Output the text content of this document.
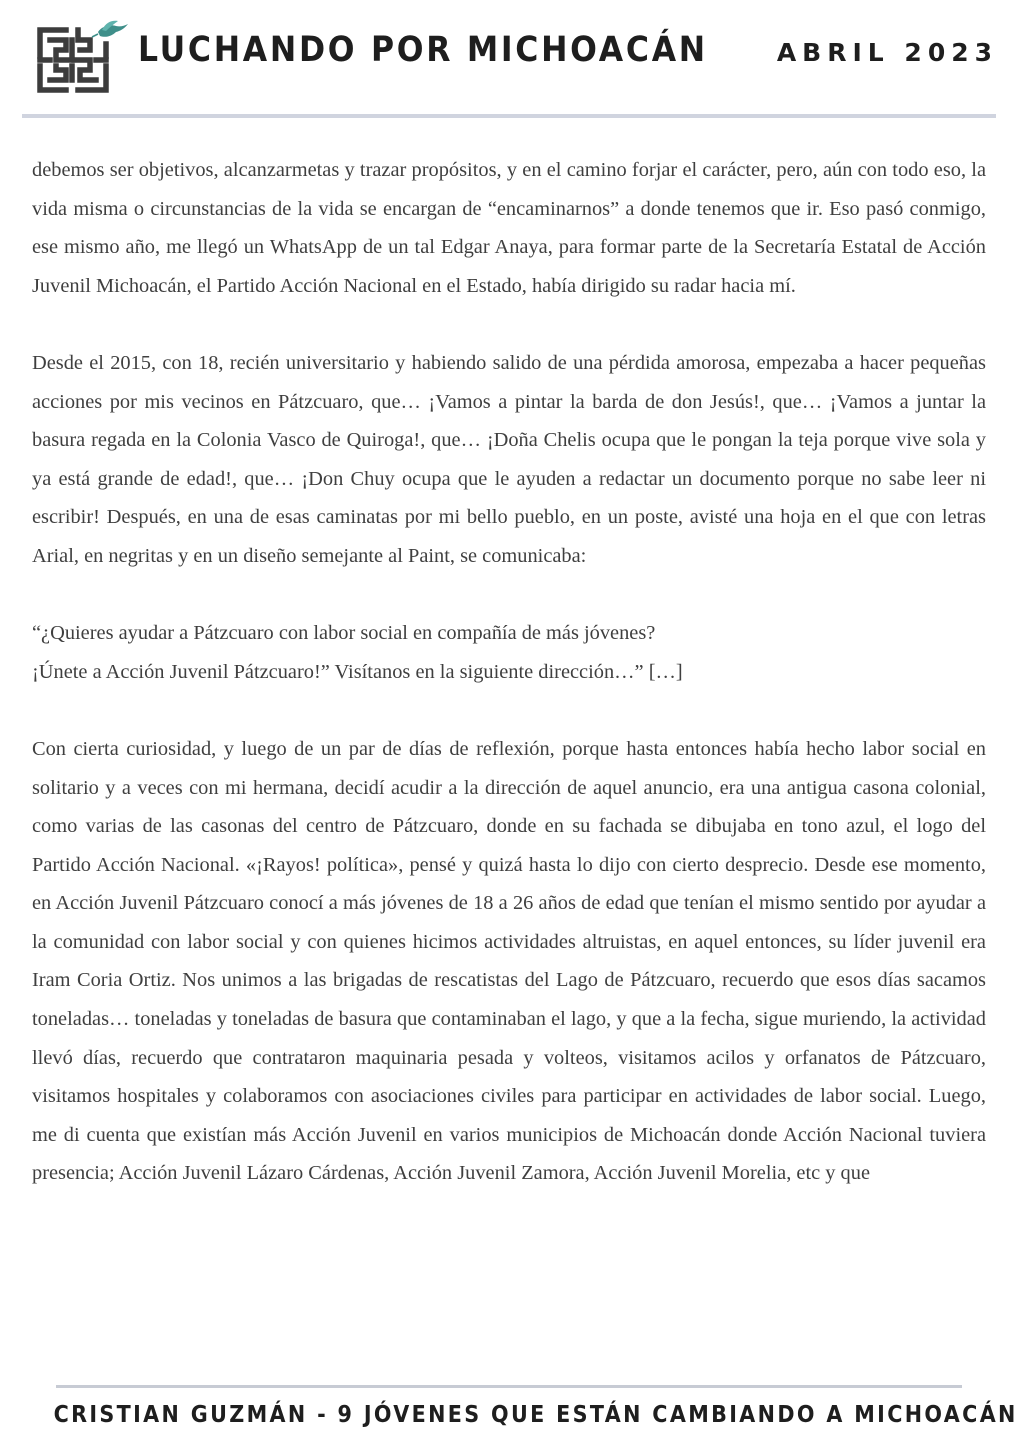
LUCHANDO POR MICHOACÁN	ABRIL 2023

debemos ser objetivos, alcanzarmetas y trazar propósitos, y en el camino forjar el carácter, pero, aún con todo eso, la vida misma o circunstancias de la vida se encargan de “encaminarnos” a donde tenemos que ir. Eso pasó conmigo, ese mismo año, me llegó un WhatsApp de un tal Edgar Anaya, para formar parte de la Secretaría Estatal de Acción Juvenil Michoacán, el Partido Acción Nacional en el Estado, había dirigido su radar hacia mí.

Desde el 2015, con 18, recién universitario y habiendo salido de una pérdida amorosa, empezaba a hacer pequeñas acciones por mis vecinos en Pátzcuaro, que… ¡Vamos a pintar la barda de don Jesús!, que… ¡Vamos a juntar la basura regada en la Colonia Vasco de Quiroga!, que… ¡Doña Chelis ocupa que le pongan la teja porque vive sola y ya está grande de edad!, que… ¡Don Chuy ocupa que le ayuden a redactar un documento porque no sabe leer ni escribir! Después, en una de esas caminatas por mi bello pueblo, en un poste, avisté una hoja en el que con letras Arial, en negritas y en un diseño semejante al Paint, se comunicaba:

“¿Quieres ayudar a Pátzcuaro con labor social en compañía de más jóvenes?
¡Únete a Acción Juvenil Pátzcuaro!” Visítanos en la siguiente dirección…” […]

Con cierta curiosidad, y luego de un par de días de reflexión, porque hasta entonces había hecho labor social en solitario y a veces con mi hermana, decidí acudir a la dirección de aquel anuncio, era una antigua casona colonial, como varias de las casonas del centro de Pátzcuaro, donde en su fachada se dibujaba en tono azul, el logo del Partido Acción Nacional. «¡Rayos! política», pensé y quizá hasta lo dijo con cierto desprecio. Desde ese momento, en Acción Juvenil Pátzcuaro conocí a más jóvenes de 18 a 26 años de edad que tenían el mismo sentido por ayudar a la comunidad con labor social y con quienes hicimos actividades altruistas, en aquel entonces, su líder juvenil era Iram Coria Ortiz. Nos unimos a las brigadas de rescatistas del Lago de Pátzcuaro, recuerdo que esos días sacamos toneladas… toneladas y toneladas de basura que contaminaban el lago, y que a la fecha, sigue muriendo, la actividad llevó días, recuerdo que contrataron maquinaria pesada y volteos, visitamos acilos y orfanatos de Pátzcuaro, visitamos hospitales y colaboramos con asociaciones civiles para participar en actividades de labor social. Luego, me di cuenta que existían más Acción Juvenil en varios municipios de Michoacán donde Acción Nacional tuviera presencia; Acción Juvenil Lázaro Cárdenas, Acción Juvenil Zamora, Acción Juvenil Morelia, etc y que

CRISTIAN GUZMÁN - 9 JÓVENES QUE ESTÁN CAMBIANDO A MICHOACÁN
